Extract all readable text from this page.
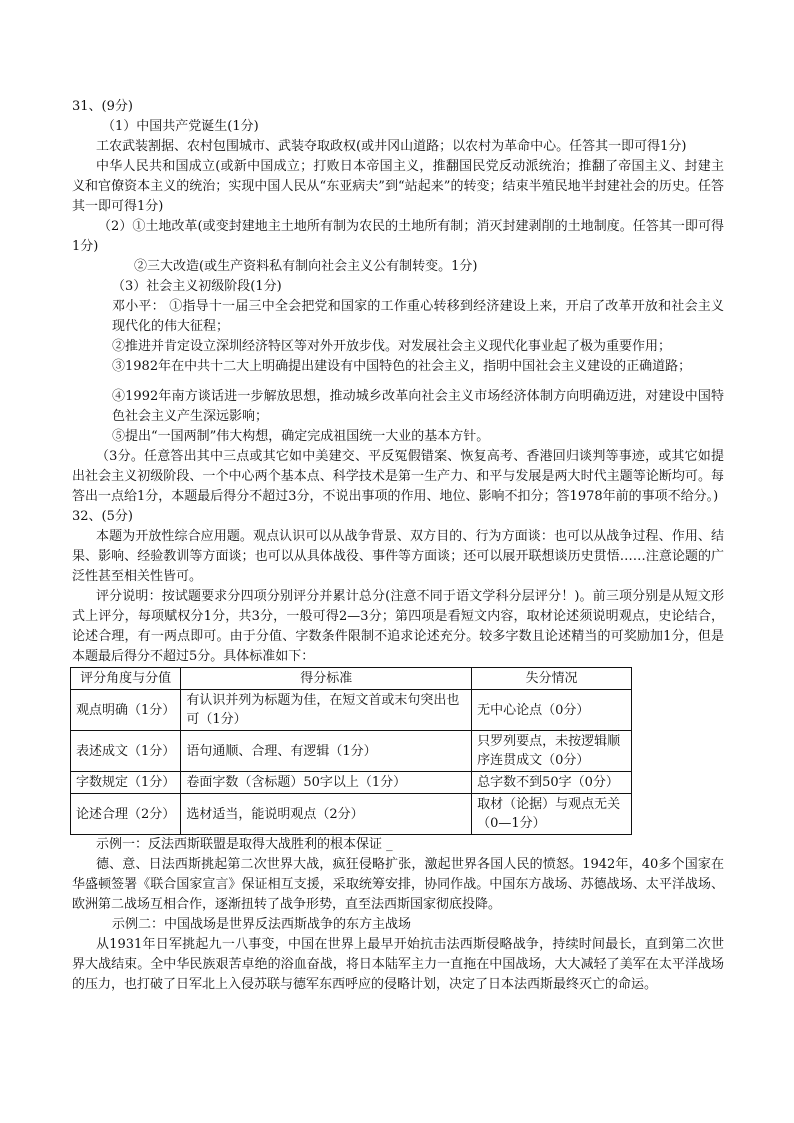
31、(9分)

（1）中国共产党诞生(1分)

工农武装割据、农村包围城市、武装夺取政权(或井冈山道路；以农村为革命中心。任答其一即可得1分)

中华人民共和国成立(或新中国成立；打败日本帝国主义，推翻国民党反动派统治；推翻了帝国主义、封建主义和官僚资本主义的统治；实现中国人民从“东亚病夫”到“站起来”的转变；结束半殖民地半封建社会的历史。任答其一即可得1分)

（2）①土地改革(或变封建地主土地所有制为农民的土地所有制；消灭封建剥削的土地制度。任答其一即可得1分)

②三大改造(或生产资料私有制向社会主义公有制转变。1分)

（3）社会主义初级阶段(1分)

邓小平： ①指导十一届三中全会把党和国家的工作重心转移到经济建设上来，开启了改革开放和社会主义现代化的伟大征程；

②推进并肯定设立深圳经济特区等对外开放步伐。对发展社会主义现代化事业起了极为重要作用；

③1982年在中共十二大上明确提出建设有中国特色的社会主义，指明中国社会主义建设的正确道路；

④1992年南方谈话进一步解放思想，推动城乡改革向社会主义市场经济体制方向明确迈进，对建设中国特色社会主义产生深远影响；

⑤提出“一国两制”伟大构想，确定完成祖国统一大业的基本方针。

（3分。任意答出其中三点或其它如中美建交、平反冤假错案、恢复高考、香港回归谈判等事迹，或其它如提出社会主义初级阶段、一个中心两个基本点、科学技术是第一生产力、和平与发展是两大时代主题等论断均可。每答出一点给1分，本题最后得分不超过3分，不说出事项的作用、地位、影响不扣分；答1978年前的事项不给分。)

32、(5分)

本题为开放性综合应用题。观点认识可以从战争背景、双方目的、行为方面谈：也可以从战争过程、作用、结果、影响、经验教训等方面谈；也可以从具体战役、事件等方面谈；还可以展开联想谈历史贯悟……注意论题的广泛性甚至相关性皆可。

评分说明：按试题要求分四项分别评分并累计总分(注意不同于语文学科分层评分！)。前三项分别是从短文形式上评分，每项赋权分1分，共3分，一般可得2—3分；第四项是看短文内容，取材论述须说明观点，史论结合，论述合理，有一两点即可。由于分值、字数条件限制不追求论述充分。较多字数且论述精当的可奖励加1分，但是本题最后得分不超过5分。具体标准如下：

评分角度与分值	得分标准	失分情况
观点明确（1分）	有认识并列为标题为佳，在短文首或末句突出也可（1分）	无中心论点（0分）
表述成文（1分）	语句通顺、合理、有逻辑（1分）	只罗列要点，未按逻辑顺序连贯成文（0分）
字数规定（1分）	卷面字数（含标题）50字以上（1分）	总字数不到50字（0分）
论述合理（2分）	选材适当，能说明观点（2分）	取材（论据）与观点无关（0—1分）

示例一：反法西斯联盟是取得大战胜利的根本保证 _

德、意、日法西斯挑起第二次世界大战，疯狂侵略扩张，激起世界各国人民的愤怒。1942年，40多个国家在华盛顿签署《联合国家宣言》保证相互支援，采取统筹安排，协同作战。中国东方战场、苏德战场、太平洋战场、欧洲第二战场互相合作，逐渐扭转了战争形势，直至法西斯国家彻底投降。

示例二：中国战场是世界反法西斯战争的东方主战场

从1931年日军挑起九一八事变，中国在世界上最早开始抗击法西斯侵略战争，持续时间最长，直到第二次世界大战结束。全中华民族艰苦卓绝的浴血奋战，将日本陆军主力一直拖在中国战场，大大减轻了美军在太平洋战场的压力，也打破了日军北上入侵苏联与德军东西呼应的侵略计划，决定了日本法西斯最终灭亡的命运。
